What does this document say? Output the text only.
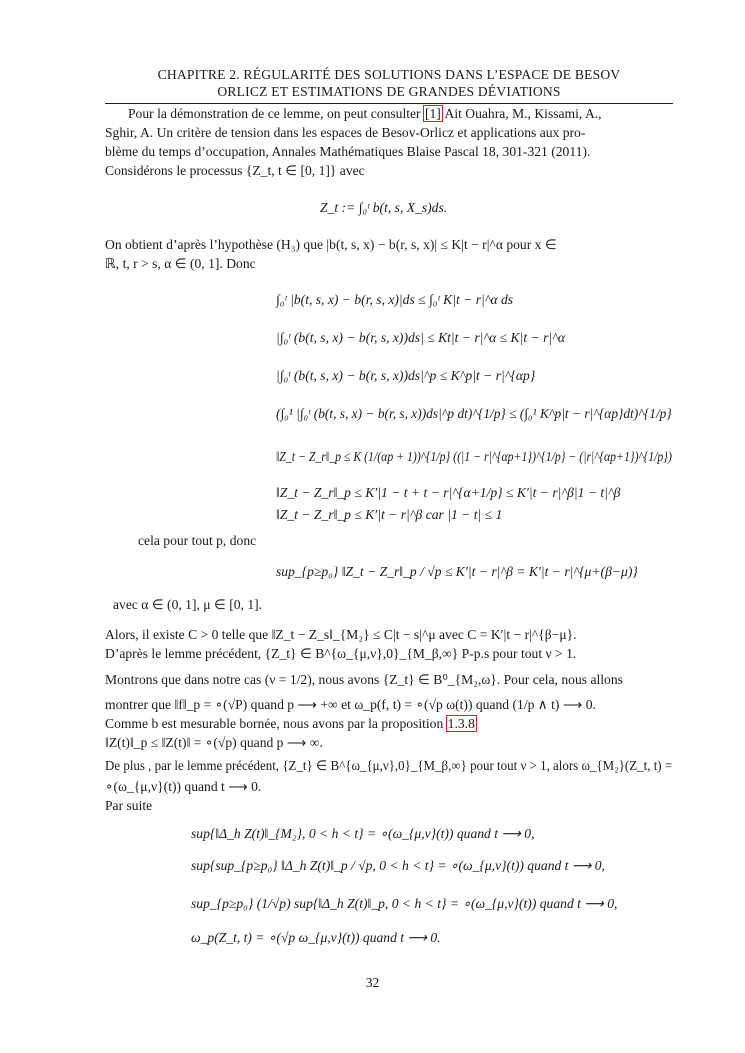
CHAPITRE 2. RÉGULARITÉ DES SOLUTIONS DANS L’ESPACE DE BESOV
ORLICZ ET ESTIMATIONS DE GRANDES DÉVIATIONS
Pour la démonstration de ce lemme, on peut consulter [1] Ait Ouahra, M., Kissami, A.,
Sghir, A. Un critère de tension dans les espaces de Besov-Orlicz et applications aux pro-
blème du temps d’occupation, Annales Mathématiques Blaise Pascal 18, 301-321 (2011).
Considérons le processus {Z_t, t ∈ [0, 1]} avec
Z_t := ∫₀ᵗ b(t, s, X_s)ds.
On obtient d’après l’hypothèse (H₃) que |b(t, s, x) − b(r, s, x)| ≤ K|t − r|^α pour x ∈
ℝ, t, r > s, α ∈ (0, 1]. Donc
∫₀ᵗ |b(t, s, x) − b(r, s, x)|ds ≤ ∫₀ᵗ K|t − r|^α ds
|∫₀ᵗ (b(t, s, x) − b(r, s, x))ds| ≤ Kt|t − r|^α ≤ K|t − r|^α
|∫₀ᵗ (b(t, s, x) − b(r, s, x))ds|^p ≤ K^p|t − r|^{αp}
(∫₀¹ |∫₀ᵗ (b(t, s, x) − b(r, s, x))ds|^p dt)^{1/p} ≤ (∫₀¹ K^p|t − r|^{αp}dt)^{1/p}
‖Z_t − Z_r‖_p ≤ K (1/(αp + 1))^{1/p} ((|1 − r|^{αp+1})^{1/p} − (|r|^{αp+1})^{1/p})
‖Z_t − Z_r‖_p ≤ K′|1 − t + t − r|^{α+1/p} ≤ K′|t − r|^β|1 − t|^β
‖Z_t − Z_r‖_p ≤ K′|t − r|^β car |1 − t| ≤ 1
cela pour tout p, donc
sup_{p≥p₀} ‖Z_t − Z_r‖_p / √p ≤ K′|t − r|^β = K′|t − r|^{μ+(β−μ)}
avec α ∈ (0, 1], μ ∈ [0, 1].
Alors, il existe C > 0 telle que ‖Z_t − Z_s‖_{M₂} ≤ C|t − s|^μ avec C = K′|t − r|^{β−μ}.
D’après le lemme précédent, {Z_t} ∈ B^{ω_{μ,ν},0}_{M_β,∞} P-p.s pour tout ν > 1.
Montrons que dans notre cas (ν = 1/2), nous avons {Z_t} ∈ B⁰_{M₂,ω}. Pour cela, nous allons
montrer que ‖f‖_p = ∘(√P) quand p ⟶ +∞ et ω_p(f, t) = ∘(√p ω(t)) quand (1/p ∧ t) ⟶ 0.
Comme b est mesurable bornée, nous avons par la proposition 1.3.8
‖Z(t)‖_p ≤ ‖Z(t)‖ = ∘(√p) quand p ⟶ ∞.
De plus , par le lemme précédent, {Z_t} ∈ B^{ω_{μ,ν},0}_{M_β,∞} pour tout ν > 1, alors ω_{M₂}(Z_t, t) =
∘(ω_{μ,ν}(t)) quand t ⟶ 0.
Par suite
sup{‖Δ_h Z(t)‖_{M₂}, 0 < h < t} = ∘(ω_{μ,ν}(t)) quand t ⟶ 0,
sup{sup_{p≥p₀} ‖Δ_h Z(t)‖_p / √p, 0 < h < t} = ∘(ω_{μ,ν}(t)) quand t ⟶ 0,
sup_{p≥p₀} (1/√p) sup{‖Δ_h Z(t)‖_p, 0 < h < t} = ∘(ω_{μ,ν}(t)) quand t ⟶ 0,
ω_p(Z_t, t) = ∘(√p ω_{μ,ν}(t)) quand t ⟶ 0.
32
